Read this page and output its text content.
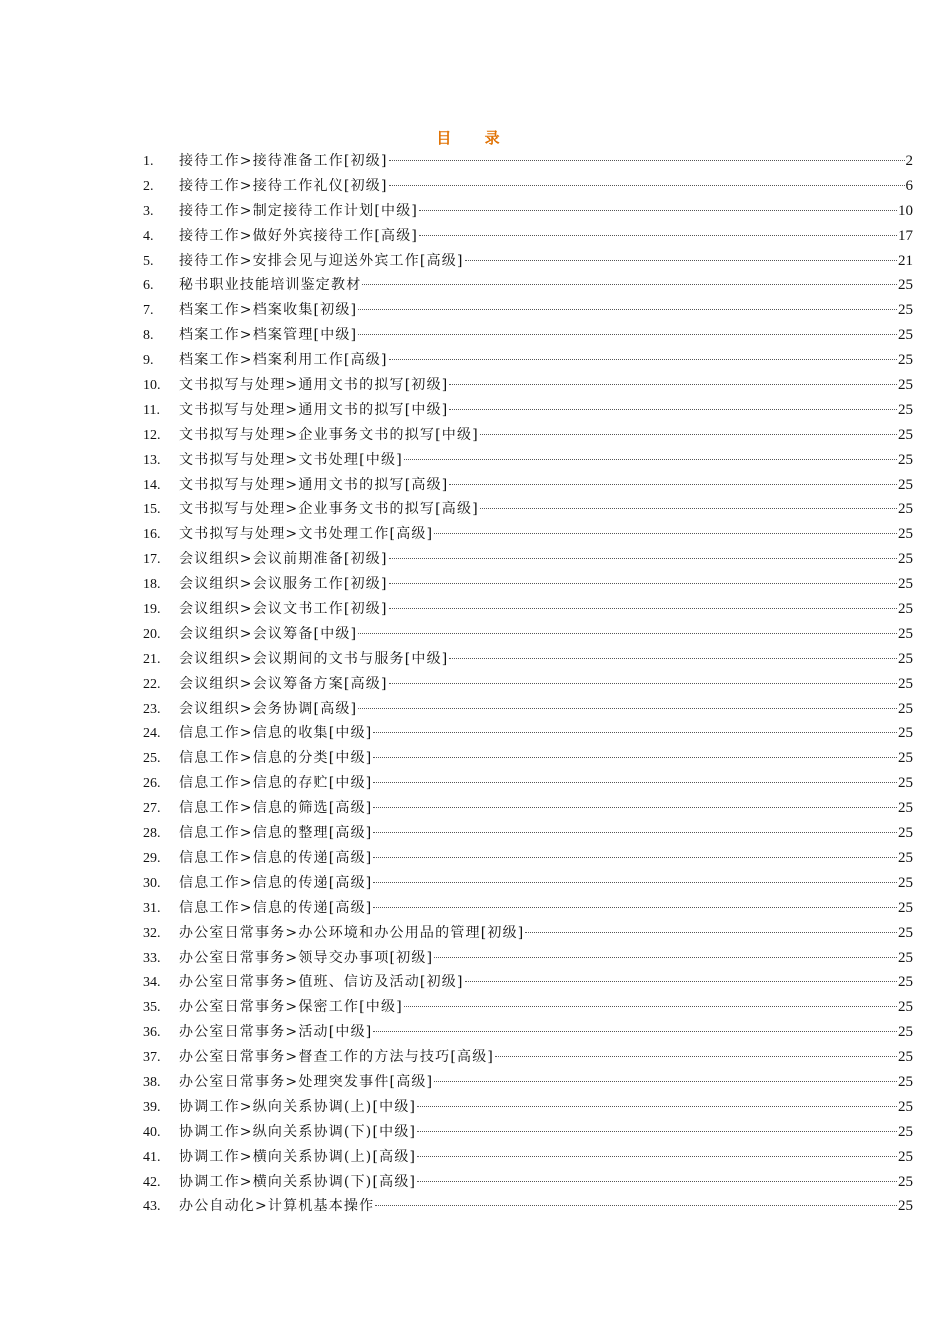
目 录
1.	接待工作>接待准备工作[初级]	2
2.	接待工作>接待工作礼仪[初级]	6
3.	接待工作>制定接待工作计划[中级]	10
4.	接待工作>做好外宾接待工作[高级]	17
5.	接待工作>安排会见与迎送外宾工作[高级]	21
6.	秘书职业技能培训鉴定教材	25
7.	档案工作>档案收集[初级]	25
8.	档案工作>档案管理[中级]	25
9.	档案工作>档案利用工作[高级]	25
10.	文书拟写与处理>通用文书的拟写[初级]	25
11.	文书拟写与处理>通用文书的拟写[中级]	25
12.	文书拟写与处理>企业事务文书的拟写[中级]	25
13.	文书拟写与处理>文书处理[中级]	25
14.	文书拟写与处理>通用文书的拟写[高级]	25
15.	文书拟写与处理>企业事务文书的拟写[高级]	25
16.	文书拟写与处理>文书处理工作[高级]	25
17.	会议组织>会议前期准备[初级]	25
18.	会议组织>会议服务工作[初级]	25
19.	会议组织>会议文书工作[初级]	25
20.	会议组织>会议筹备[中级]	25
21.	会议组织>会议期间的文书与服务[中级]	25
22.	会议组织>会议筹备方案[高级]	25
23.	会议组织>会务协调[高级]	25
24.	信息工作>信息的收集[中级]	25
25.	信息工作>信息的分类[中级]	25
26.	信息工作>信息的存贮[中级]	25
27.	信息工作>信息的筛选[高级]	25
28.	信息工作>信息的整理[高级]	25
29.	信息工作>信息的传递[高级]	25
30.	信息工作>信息的传递[高级]	25
31.	信息工作>信息的传递[高级]	25
32.	办公室日常事务>办公环境和办公用品的管理[初级]	25
33.	办公室日常事务>领导交办事项[初级]	25
34.	办公室日常事务>值班、信访及活动[初级]	25
35.	办公室日常事务>保密工作[中级]	25
36.	办公室日常事务>活动[中级]	25
37.	办公室日常事务>督查工作的方法与技巧[高级]	25
38.	办公室日常事务>处理突发事件[高级]	25
39.	协调工作>纵向关系协调(上)[中级]	25
40.	协调工作>纵向关系协调(下)[中级]	25
41.	协调工作>横向关系协调(上)[高级]	25
42.	协调工作>横向关系协调(下)[高级]	25
43.	办公自动化>计算机基本操作	25
